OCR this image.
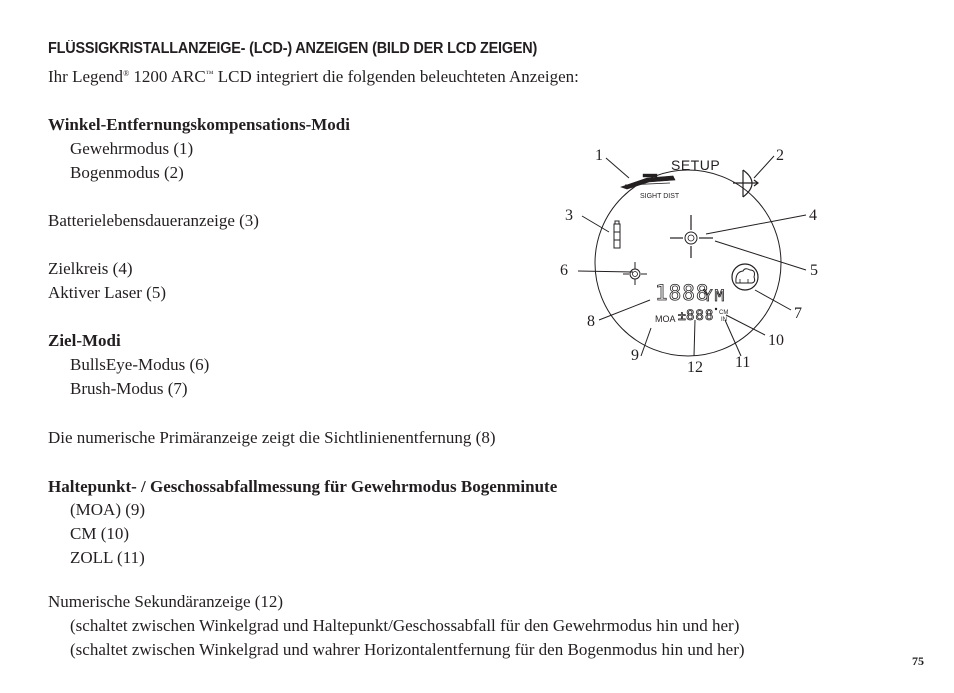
FLÜSSIGKRISTALLANZEIGE- (LCD-) ANZEIGEN (BILD DER LCD ZEIGEN)
Ihr Legend® 1200 ARC™ LCD integriert die folgenden beleuchteten Anzeigen:
Winkel-Entfernungskompensations-Modi
Gewehrmodus (1)
Bogenmodus (2)
Batterielebensdaueranzeige (3)
Zielkreis (4)
Aktiver Laser (5)
Ziel-Modi
BullsEye-Modus (6)
Brush-Modus (7)
Die numerische Primäranzeige zeigt die Sichtlinienentfernung (8)
Haltepunkt- / Geschossabfallmessung für Gewehrmodus Bogenminute
(MOA) (9)
CM (10)
ZOLL (11)
Numerische Sekundäranzeige (12)
(schaltet zwischen Winkelgrad und Haltepunkt/Geschossabfall für den Gewehrmodus hin und her)
(schaltet zwischen Winkelgrad und wahrer Horizontalentfernung für den Bogenmodus hin und her)
75
1	2
3	4
5
6
7
8
9
10
11
12
SETUP
SIGHT DIST
1888
YM
MOA ± 888 CM
IN
